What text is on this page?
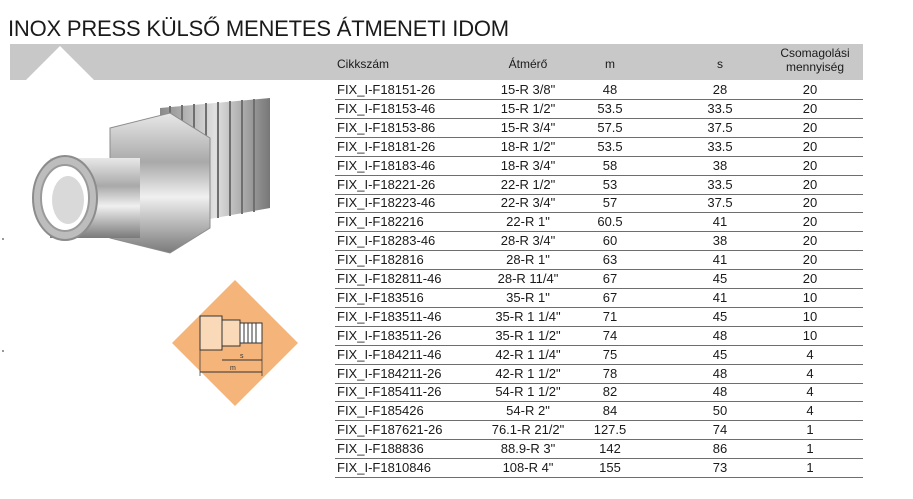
INOX PRESS KÜLSŐ MENETES ÁTMENETI IDOM
Cikkszám	Átmérő	m	s
Csomagolási
mennyiség
FIX_I-F18151-26	15-R 3/8"	48	28	20
FIX_I-F18153-46	15-R 1/2"	53.5	33.5	20
FIX_I-F18153-86	15-R 3/4"	57.5	37.5	20
FIX_I-F18181-26	18-R 1/2"	53.5	33.5	20
FIX_I-F18183-46	18-R 3/4"	58	38	20
FIX_I-F18221-26	22-R 1/2"	53	33.5	20
FIX_I-F18223-46	22-R 3/4"	57	37.5	20
FIX_I-F182216	22-R 1"	60.5	41	20
FIX_I-F18283-46	28-R 3/4"	60	38	20
FIX_I-F182816	28-R 1"	63	41	20
FIX_I-F182811-46	28-R 11/4"	67	45	20
FIX_I-F183516	35-R 1"	67	41	10
FIX_I-F183511-46	35-R 1 1/4"	71	45	10
FIX_I-F183511-26	35-R 1 1/2"	74	48	10
FIX_I-F184211-46	42-R 1 1/4"	75	45	4
FIX_I-F184211-26	42-R 1 1/2"	78	48	4
FIX_I-F185411-26	54-R 1 1/2"	82	48	4
FIX_I-F185426	54-R 2"	84	50	4
FIX_I-F187621-26	76.1-R 21/2"	127.5	74	1
FIX_I-F188836	88.9-R 3"	142	86	1
FIX_I-F1810846	108-R 4"	155	73	1
s
m
